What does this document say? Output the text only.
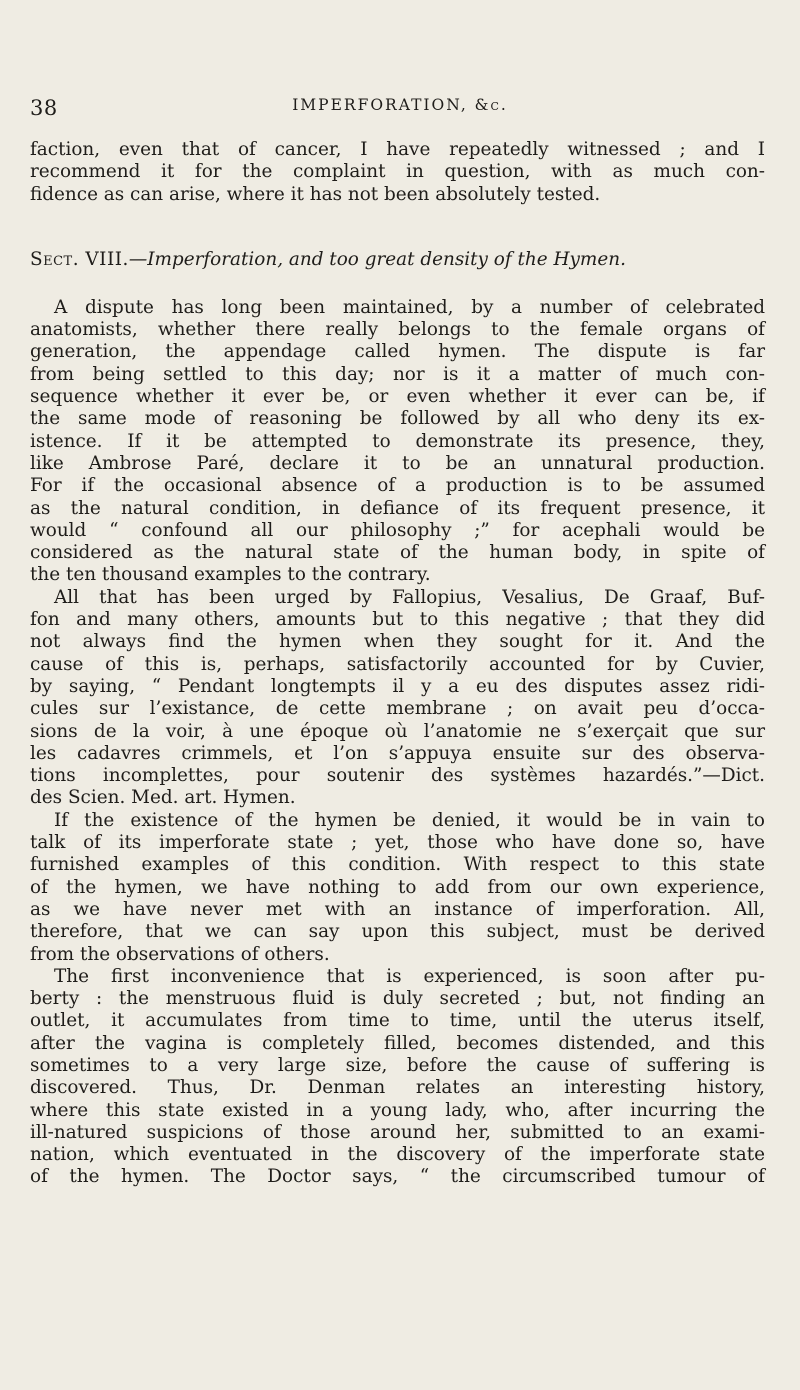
38	IMPERFORATION, &c.

faction, even that of cancer, I have repeatedly witnessed ; and I
recommend it for the complaint in question, with as much con-
fidence as can arise, where it has not been absolutely tested.

Sect. VIII.—Imperforation, and too great density of the Hymen.

A dispute has long been maintained, by a number of celebrated
anatomists, whether there really belongs to the female organs of
generation, the appendage called hymen. The dispute is far
from being settled to this day; nor is it a matter of much con-
sequence whether it ever be, or even whether it ever can be, if
the same mode of reasoning be followed by all who deny its ex-
istence. If it be attempted to demonstrate its presence, they,
like Ambrose Paré, declare it to be an unnatural production.
For if the occasional absence of a production is to be assumed
as the natural condition, in defiance of its frequent presence, it
would “ confound all our philosophy ;” for acephali would be
considered as the natural state of the human body, in spite of
the ten thousand examples to the contrary.

All that has been urged by Fallopius, Vesalius, De Graaf, Buf-
fon and many others, amounts but to this negative ; that they did
not always find the hymen when they sought for it. And the
cause of this is, perhaps, satisfactorily accounted for by Cuvier,
by saying, “ Pendant longtempts il y a eu des disputes assez ridi-
cules sur l’existance, de cette membrane ; on avait peu d’occa-
sions de la voir, à une époque où l’anatomie ne s’exerçait que sur
les cadavres crimmels, et l’on s’appuya ensuite sur des observa-
tions incomplettes, pour soutenir des systèmes hazardés.”—Dict.
des Scien. Med. art. Hymen.

If the existence of the hymen be denied, it would be in vain to
talk of its imperforate state ; yet, those who have done so, have
furnished examples of this condition. With respect to this state
of the hymen, we have nothing to add from our own experience,
as we have never met with an instance of imperforation. All,
therefore, that we can say upon this subject, must be derived
from the observations of others.

The first inconvenience that is experienced, is soon after pu-
berty : the menstruous fluid is duly secreted ; but, not finding an
outlet, it accumulates from time to time, until the uterus itself,
after the vagina is completely filled, becomes distended, and this
sometimes to a very large size, before the cause of suffering is
discovered. Thus, Dr. Denman relates an interesting history,
where this state existed in a young lady, who, after incurring the
ill-natured suspicions of those around her, submitted to an exami-
nation, which eventuated in the discovery of the imperforate state
of the hymen. The Doctor says, “ the circumscribed tumour of
